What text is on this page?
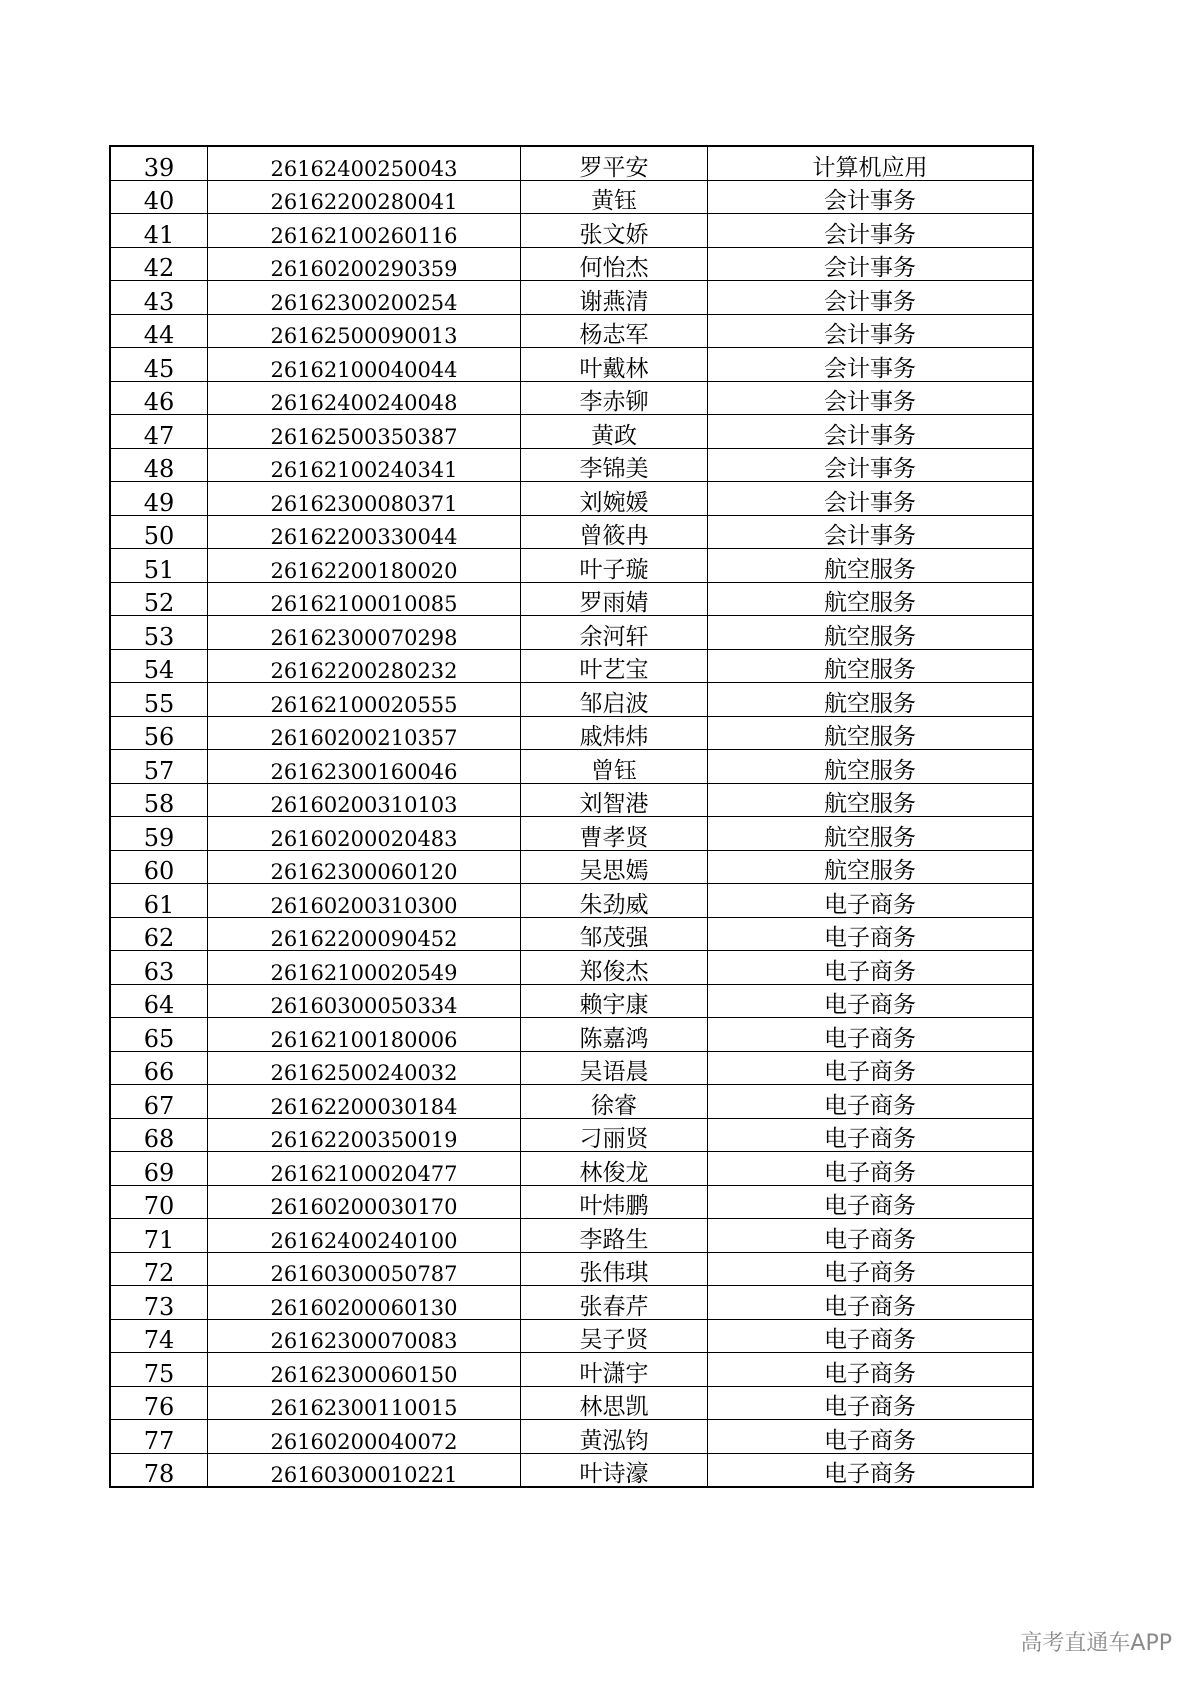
39	26162400250043	罗平安	计算机应用
40	26162200280041	黄钰	会计事务
41	26162100260116	张文娇	会计事务
42	26160200290359	何怡杰	会计事务
43	26162300200254	谢燕清	会计事务
44	26162500090013	杨志军	会计事务
45	26162100040044	叶戴林	会计事务
46	26162400240048	李赤铆	会计事务
47	26162500350387	黄政	会计事务
48	26162100240341	李锦美	会计事务
49	26162300080371	刘婉媛	会计事务
50	26162200330044	曾筱冉	会计事务
51	26162200180020	叶子璇	航空服务
52	26162100010085	罗雨婧	航空服务
53	26162300070298	余河轩	航空服务
54	26162200280232	叶艺宝	航空服务
55	26162100020555	邹启波	航空服务
56	26160200210357	戚炜炜	航空服务
57	26162300160046	曾钰	航空服务
58	26160200310103	刘智港	航空服务
59	26160200020483	曹孝贤	航空服务
60	26162300060120	吴思嫣	航空服务
61	26160200310300	朱劲威	电子商务
62	26162200090452	邹茂强	电子商务
63	26162100020549	郑俊杰	电子商务
64	26160300050334	赖宇康	电子商务
65	26162100180006	陈嘉鸿	电子商务
66	26162500240032	吴语晨	电子商务
67	26162200030184	徐睿	电子商务
68	26162200350019	刁丽贤	电子商务
69	26162100020477	林俊龙	电子商务
70	26160200030170	叶炜鹏	电子商务
71	26162400240100	李路生	电子商务
72	26160300050787	张伟琪	电子商务
73	26160200060130	张春芹	电子商务
74	26162300070083	吴子贤	电子商务
75	26162300060150	叶潇宇	电子商务
76	26162300110015	林思凯	电子商务
77	26160200040072	黄泓钧	电子商务
78	26160300010221	叶诗濠	电子商务
高考直通车APP
